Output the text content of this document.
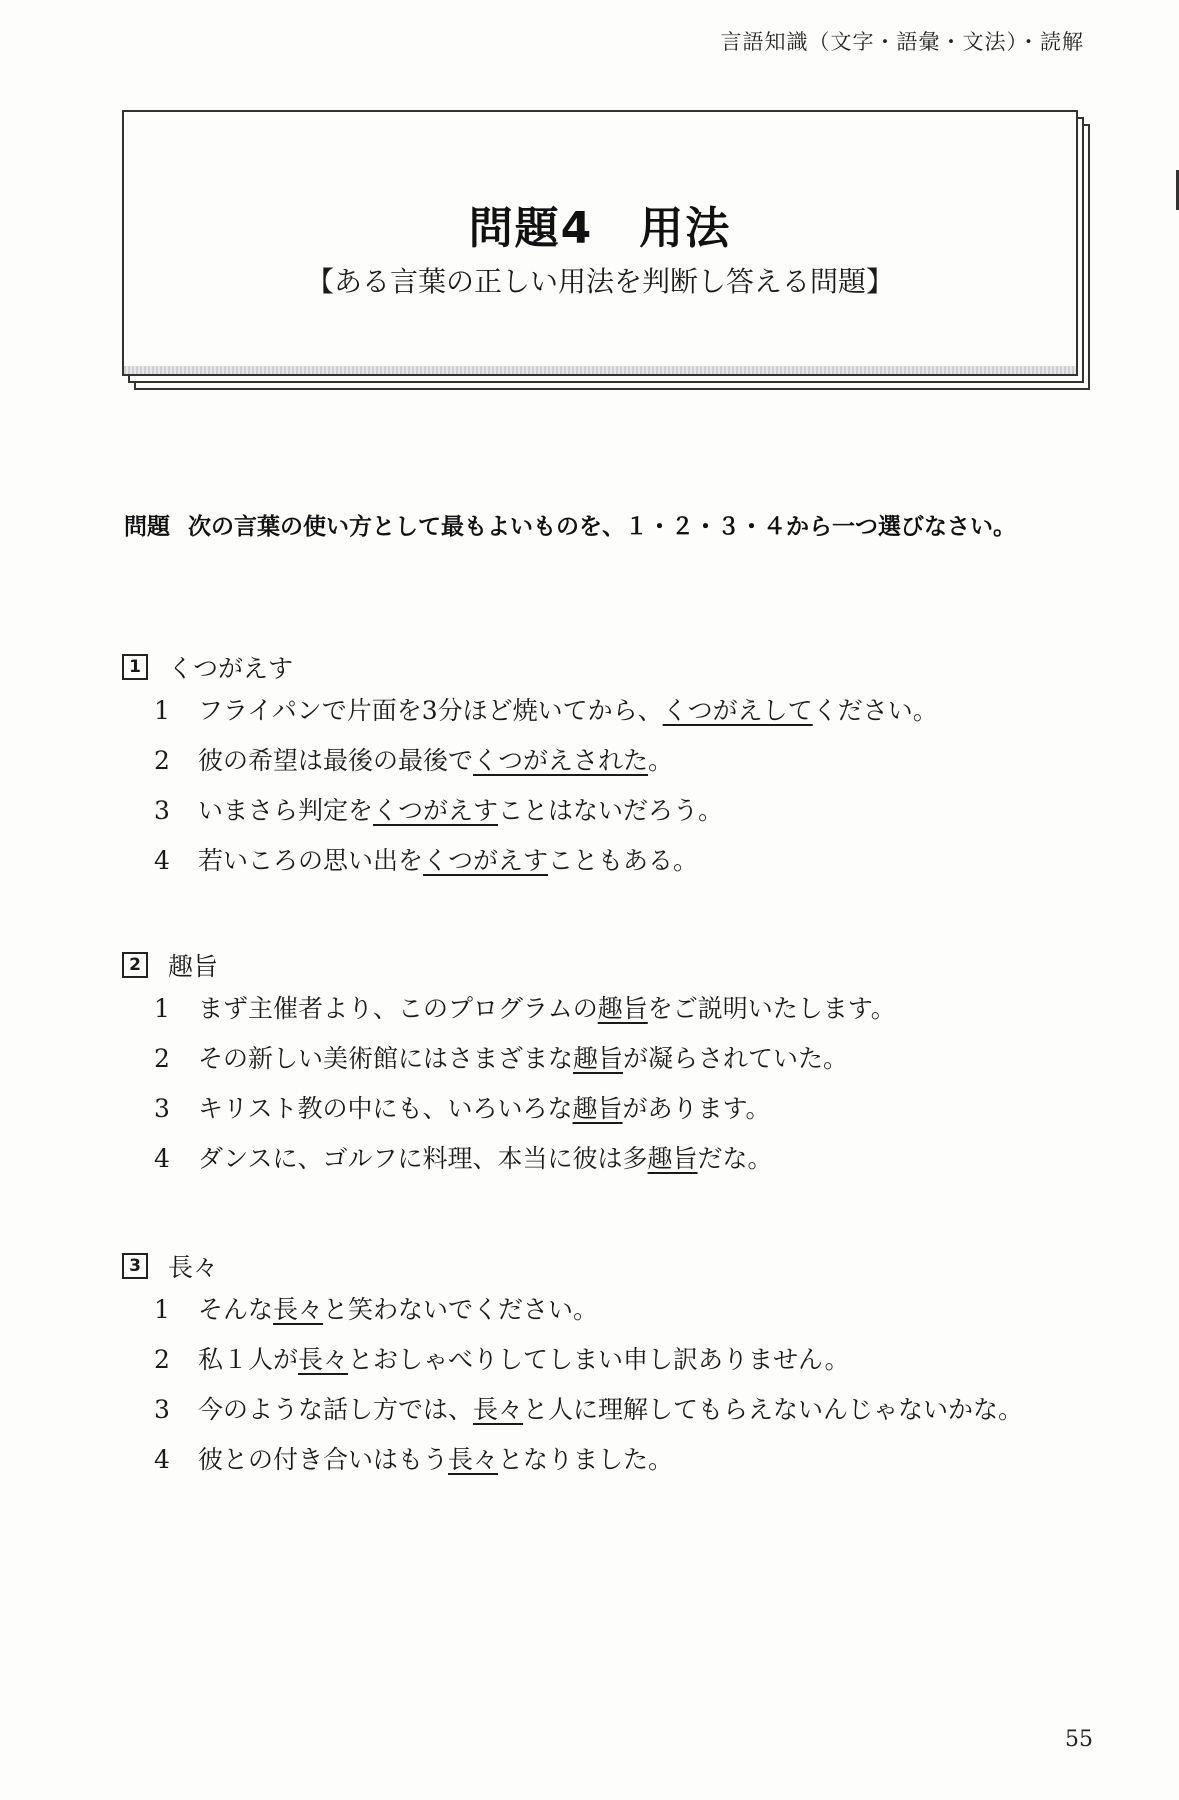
言語知識（文字・語彙・文法）・読解
問題4　用法
【ある言葉の正しい用法を判断し答える問題】
問題 次の言葉の使い方として最もよいものを、１・２・３・４から一つ選びなさい。
1 くつがえす
1	フライパンで片面を3分ほど焼いてから、 くつがえして ください。
2	彼の希望は最後の最後で くつがえされた 。
3	いまさら判定を くつがえす ことはないだろう。
4	若いころの思い出を くつがえす こともある。
2 趣旨
1	まず主催者より、このプログラムの 趣旨 をご説明いたします。
2	その新しい美術館にはさまざまな 趣旨 が凝らされていた。
3	キリスト教の中にも、いろいろな 趣旨 があります。
4	ダンスに、ゴルフに料理、本当に彼は多 趣旨 だな。
3 長々
1	そんな 長々 と笑わないでください。
2	私１人が 長々 とおしゃべりしてしまい申し訳ありません。
3	今のような話し方では、 長々 と人に理解してもらえないんじゃないかな。
4	彼との付き合いはもう 長々 となりました。
55
